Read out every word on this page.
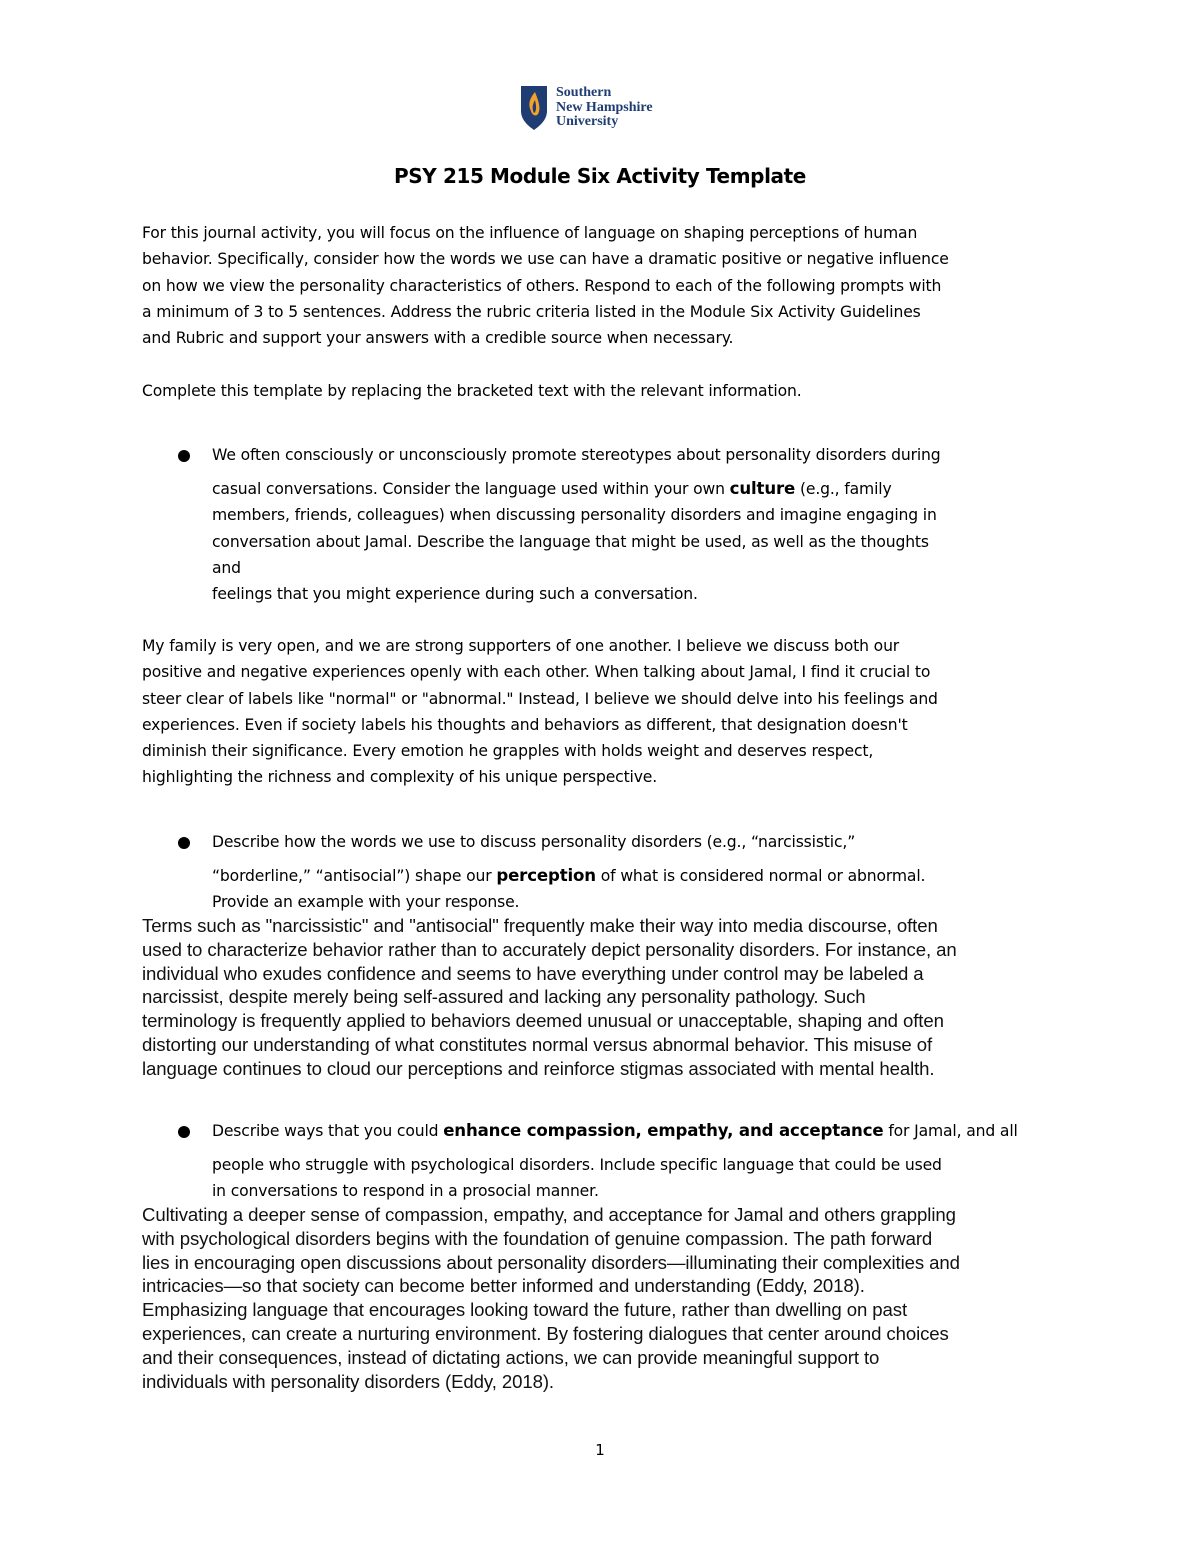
Southern
New Hampshire
University
PSY 215 Module Six Activity Template
For this journal activity, you will focus on the influence of language on shaping perceptions of human
behavior. Specifically, consider how the words we use can have a dramatic positive or negative influence
on how we view the personality characteristics of others. Respond to each of the following prompts with
a minimum of 3 to 5 sentences. Address the rubric criteria listed in the Module Six Activity Guidelines
and Rubric and support your answers with a credible source when necessary.
Complete this template by replacing the bracketed text with the relevant information.
We often consciously or unconsciously promote stereotypes about personality disorders during
casual conversations. Consider the language used within your own culture (e.g., family
members, friends, colleagues) when discussing personality disorders and imagine engaging in
conversation about Jamal. Describe the language that might be used, as well as the thoughts
and
feelings that you might experience during such a conversation.
My family is very open, and we are strong supporters of one another. I believe we discuss both our
positive and negative experiences openly with each other. When talking about Jamal, I find it crucial to
steer clear of labels like "normal" or "abnormal." Instead, I believe we should delve into his feelings and
experiences. Even if society labels his thoughts and behaviors as different, that designation doesn't
diminish their significance. Every emotion he grapples with holds weight and deserves respect,
highlighting the richness and complexity of his unique perspective.
Describe how the words we use to discuss personality disorders (e.g., “narcissistic,”
“borderline,” “antisocial”) shape our perception of what is considered normal or abnormal.
Provide an example with your response.
Terms such as "narcissistic" and "antisocial" frequently make their way into media discourse, often
used to characterize behavior rather than to accurately depict personality disorders. For instance, an
individual who exudes confidence and seems to have everything under control may be labeled a
narcissist, despite merely being self-assured and lacking any personality pathology. Such
terminology is frequently applied to behaviors deemed unusual or unacceptable, shaping and often
distorting our understanding of what constitutes normal versus abnormal behavior. This misuse of
language continues to cloud our perceptions and reinforce stigmas associated with mental health.
Describe ways that you could enhance compassion, empathy, and acceptance for Jamal, and all
people who struggle with psychological disorders. Include specific language that could be used
in conversations to respond in a prosocial manner.
Cultivating a deeper sense of compassion, empathy, and acceptance for Jamal and others grappling
with psychological disorders begins with the foundation of genuine compassion. The path forward
lies in encouraging open discussions about personality disorders—illuminating their complexities and
intricacies—so that society can become better informed and understanding (Eddy, 2018).
Emphasizing language that encourages looking toward the future, rather than dwelling on past
experiences, can create a nurturing environment. By fostering dialogues that center around choices
and their consequences, instead of dictating actions, we can provide meaningful support to
individuals with personality disorders (Eddy, 2018).
1
